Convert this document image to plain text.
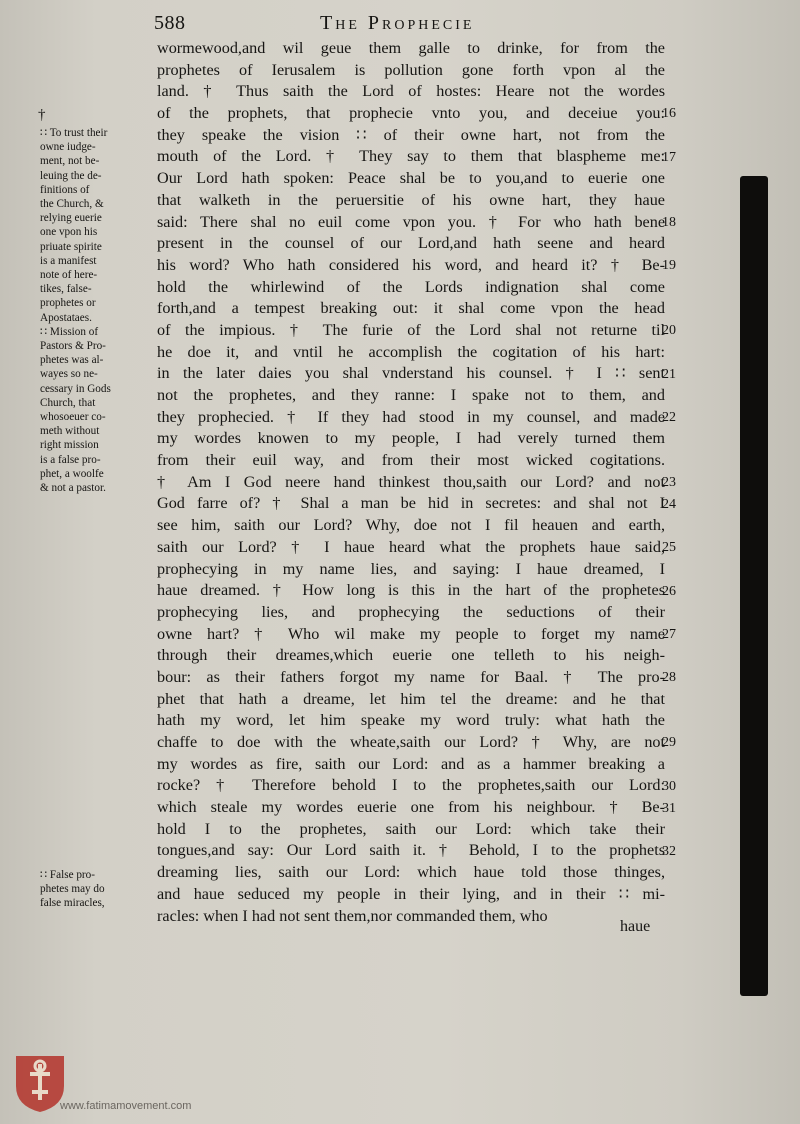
588	The Prophecie
wormewood,and wil geue them galle to drinke, for from the
prophetes of Ierusalem is pollution gone forth vpon al the
land. † Thus saith the Lord of hostes: Heare not the wordes
of the prophets, that prophecie vnto you, and deceiue you:
they speake the vision ∷ of their owne hart, not from the
mouth of the Lord. † They say to them that blaspheme me:
Our Lord hath spoken: Peace shal be to you,and to euerie one
that walketh in the peruersitie of his owne hart, they haue
said: There shal no euil come vpon you. † For who hath bene
present in the counsel of our Lord,and hath seene and heard
his word? Who hath considered his word, and heard it? † Be-
hold the whirlewind of the Lords indignation shal come
forth,and a tempest breaking out: it shal come vpon the head
of the impious. † The furie of the Lord shal not returne til
he doe it, and vntil he accomplish the cogitation of his hart:
in the later daies you shal vnderstand his counsel. † I ∷ sent
not the prophetes, and they ranne: I spake not to them, and
they prophecied. † If they had stood in my counsel, and made
my wordes knowen to my people, I had verely turned them
from their euil way, and from their most wicked cogitations.
† Am I God neere hand thinkest thou,saith our Lord? and not
God farre of? † Shal a man be hid in secretes: and shal not I
see him, saith our Lord? Why, doe not I fil heauen and earth,
saith our Lord? † I haue heard what the prophets haue said,
prophecying in my name lies, and saying: I haue dreamed, I
haue dreamed. † How long is this in the hart of the prophetes
prophecying lies, and prophecying the seductions of their
owne hart? † Who wil make my people to forget my name
through their dreames,which euerie one telleth to his neigh-
bour: as their fathers forgot my name for Baal. † The pro-
phet that hath a dreame, let him tel the dreame: and he that
hath my word, let him speake my word truly: what hath the
chaffe to doe with the wheate,saith our Lord? † Why, are not
my wordes as fire, saith our Lord: and as a hammer breaking a
rocke? † Therefore behold I to the prophetes,saith our Lord:
which steale my wordes euerie one from his neighbour. † Be-
hold I to the prophetes, saith our Lord: which take their
tongues,and say: Our Lord saith it. † Behold, I to the prophets
dreaming lies, saith our Lord: which haue told those thinges,
and haue seduced my people in their lying, and in their ∷ mi-
racles: when I had not sent them,nor commanded them, who
haue
16
17
18
19
20
21
22
23
24
25
26
27
28
29
30
31
32
†
∷ To trust their
owne iudge-
ment, not be-
leuing the de-
finitions of
the Church, &
relying euerie
one vpon his
priuate spirite
is a manifest
note of here-
tikes, false-
prophetes or
Apostataes.
∷ Mission of
Pastors & Pro-
phetes was al-
wayes so ne-
cessary in Gods
Church, that
whosoeuer co-
meth without
right mission
is a false pro-
phet, a woolfe
& not a pastor.
∷ False pro-
phetes may do
false miracles,
www.fatimamovement.com
